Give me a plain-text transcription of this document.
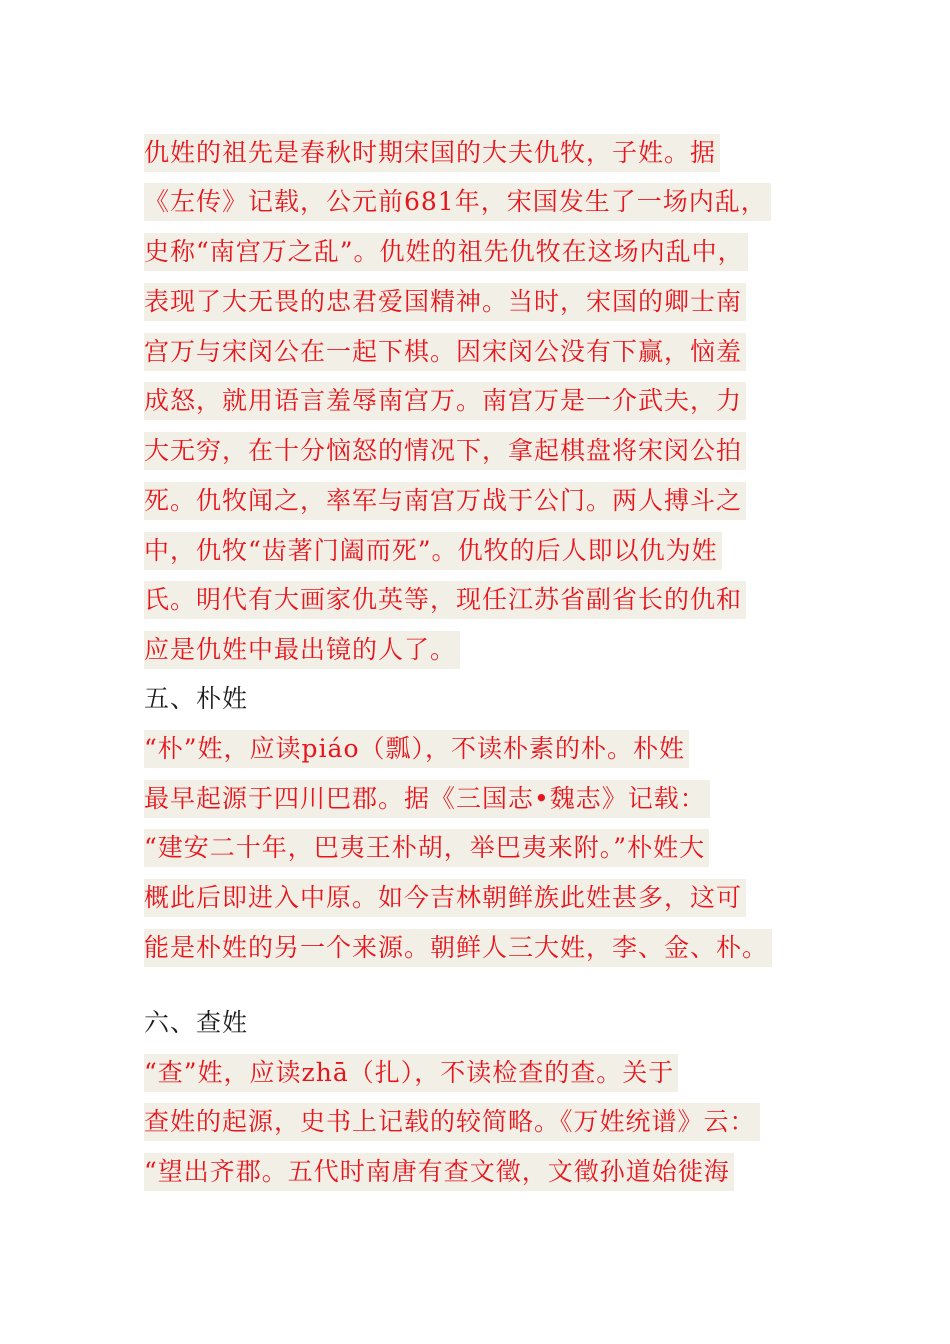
仇姓的祖先是春秋时期宋国的大夫仇牧，子姓。据
《左传》记载，公元前681年，宋国发生了一场内乱，
史称“南宫万之乱”。仇姓的祖先仇牧在这场内乱中，
表现了大无畏的忠君爱国精神。当时，宋国的卿士南
宫万与宋闵公在一起下棋。因宋闵公没有下赢，恼羞
成怒，就用语言羞辱南宫万。南宫万是一介武夫，力
大无穷，在十分恼怒的情况下，拿起棋盘将宋闵公拍
死。仇牧闻之，率军与南宫万战于公门。两人搏斗之
中，仇牧“齿著门阖而死”。仇牧的后人即以仇为姓
氏。明代有大画家仇英等，现任江苏省副省长的仇和
应是仇姓中最出镜的人了。
五、朴姓
“朴”姓，应读piáo（瓢），不读朴素的朴。朴姓
最早起源于四川巴郡。据《三国志•魏志》记载：
“建安二十年，巴夷王朴胡，举巴夷来附。”朴姓大
概此后即进入中原。如今吉林朝鲜族此姓甚多，这可
能是朴姓的另一个来源。朝鲜人三大姓，李、金、朴。
六、查姓
“查”姓，应读zhā（扎），不读检查的查。关于
查姓的起源，史书上记载的较简略。《万姓统谱》云：
“望出齐郡。五代时南唐有查文徵，文徵孙道始徙海
